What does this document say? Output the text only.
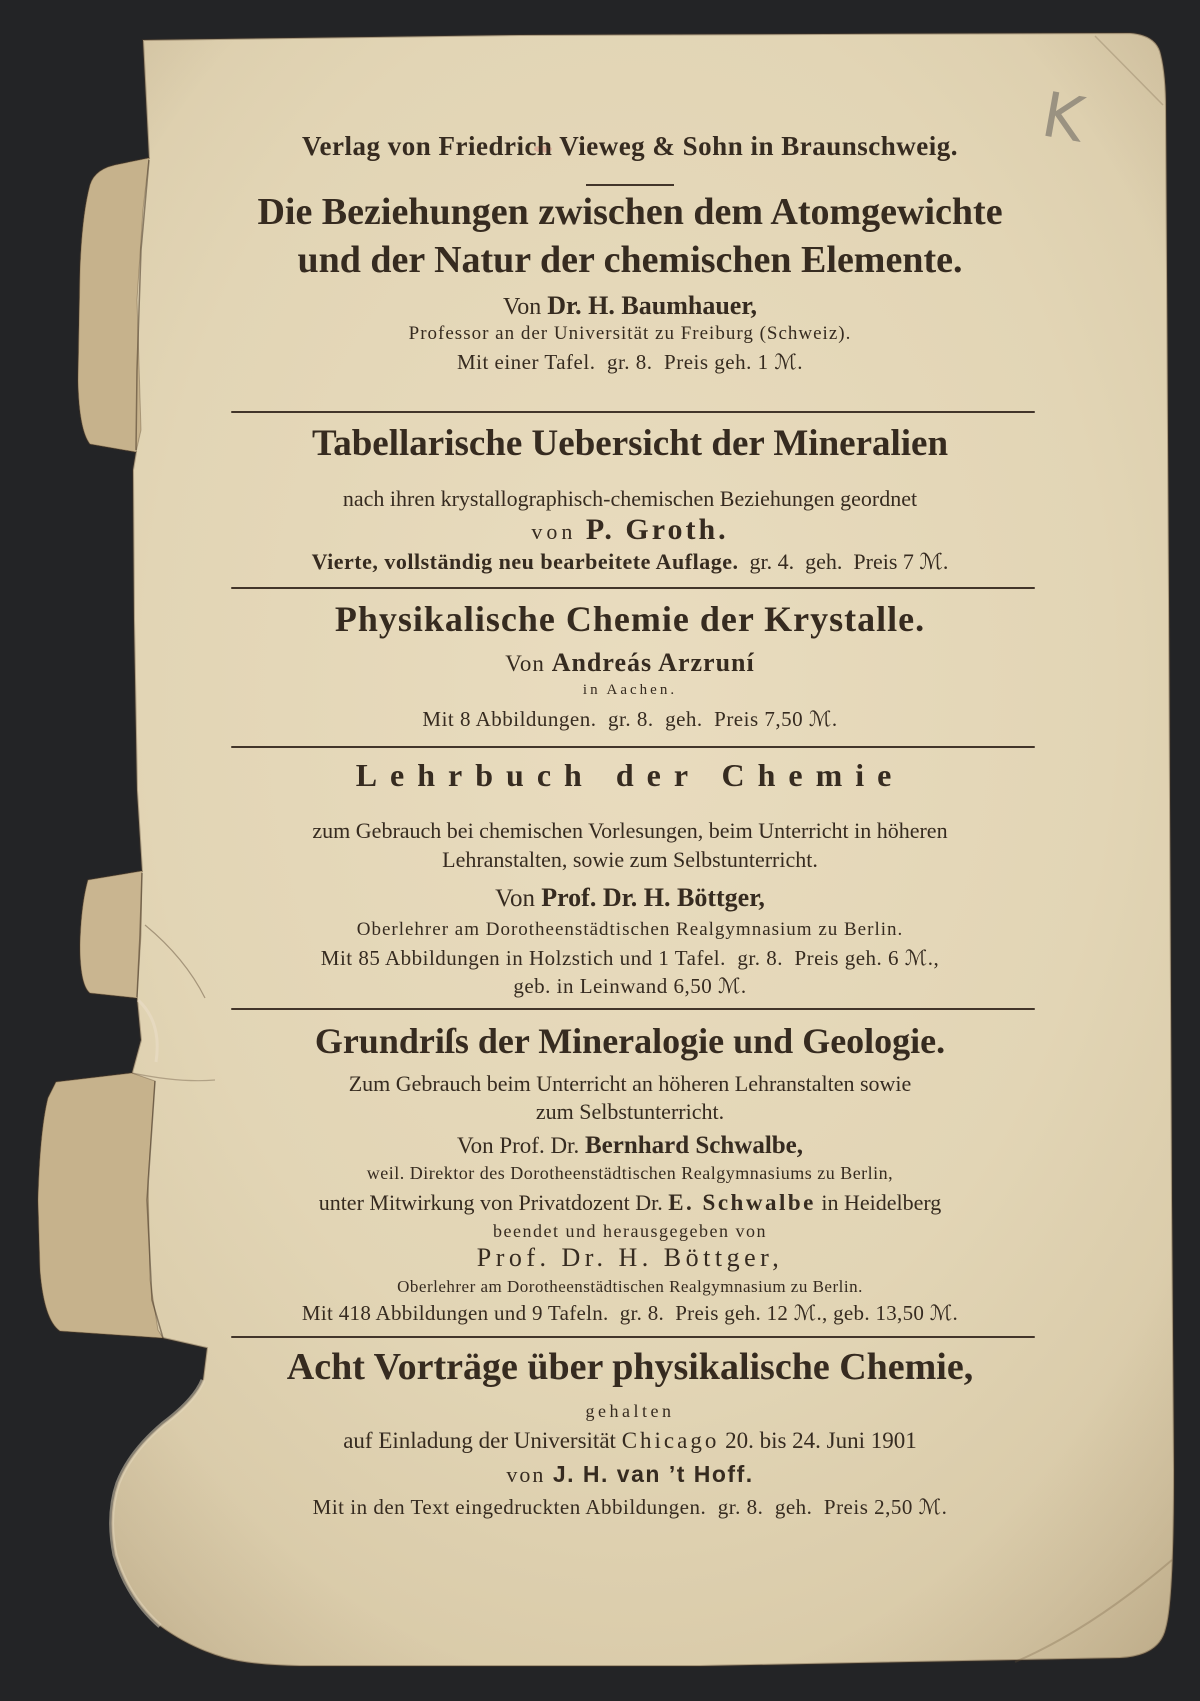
K
Verlag von Friedrich Vieweg & Sohn in Braunschweig.
Die Beziehungen zwischen dem Atomgewichte
und der Natur der chemischen Elemente.
Von Dr. H. Baumhauer,
Professor an der Universität zu Freiburg (Schweiz).
Mit einer Tafel.  gr. 8.  Preis geh. 1 ℳ.
Tabellarische Uebersicht der Mineralien
nach ihren krystallographisch-chemischen Beziehungen geordnet
von P. Groth.
Vierte, vollständig neu bearbeitete Auflage.  gr. 4.  geh.  Preis 7 ℳ.
Physikalische Chemie der Krystalle.
Von Andreás Arzruní
in Aachen.
Mit 8 Abbildungen.  gr. 8.  geh.  Preis 7,50 ℳ.
Lehrbuch der Chemie
zum Gebrauch bei chemischen Vorlesungen, beim Unterricht in höheren
Lehranstalten, sowie zum Selbstunterricht.
Von Prof. Dr. H. Böttger,
Oberlehrer am Dorotheenstädtischen Realgymnasium zu Berlin.
Mit 85 Abbildungen in Holzstich und 1 Tafel.  gr. 8.  Preis geh. 6 ℳ.,
geb. in Leinwand 6,50 ℳ.
Grundriſs der Mineralogie und Geologie.
Zum Gebrauch beim Unterricht an höheren Lehranstalten sowie
zum Selbstunterricht.
Von Prof. Dr. Bernhard Schwalbe,
weil. Direktor des Dorotheenstädtischen Realgymnasiums zu Berlin,
unter Mitwirkung von Privatdozent Dr. E. Schwalbe in Heidelberg
beendet und herausgegeben von
Prof. Dr. H. Böttger,
Oberlehrer am Dorotheenstädtischen Realgymnasium zu Berlin.
Mit 418 Abbildungen und 9 Tafeln.  gr. 8.  Preis geh. 12 ℳ., geb. 13,50 ℳ.
Acht Vorträge über physikalische Chemie,
gehalten
auf Einladung der Universität Chicago 20. bis 24. Juni 1901
von J. H. van ’t Hoff.
Mit in den Text eingedruckten Abbildungen.  gr. 8.  geh.  Preis 2,50 ℳ.
